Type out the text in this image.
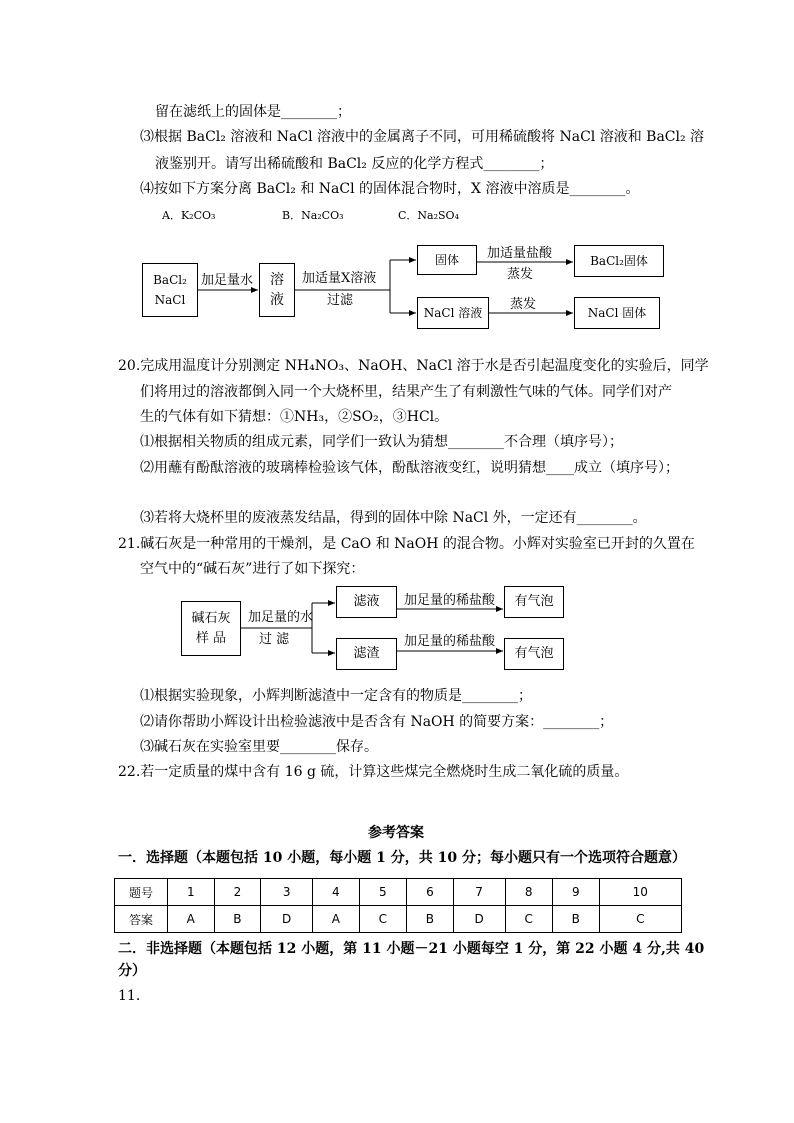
留在滤纸上的固体是________；
⑶根据 BaCl₂ 溶液和 NaCl 溶液中的金属离子不同，可用稀硫酸将 NaCl 溶液和 BaCl₂ 溶
液鉴别开。请写出稀硫酸和 BaCl₂ 反应的化学方程式________；
⑷按如下方案分离 BaCl₂ 和 NaCl 的固体混合物时，X 溶液中溶质是________。
A．K₂CO₃	B．Na₂CO₃	C．Na₂SO₄
BaCl₂
NaCl
加足量水 溶
液
加适量X溶液
过滤
固体	加适量盐酸
蒸发
BaCl₂固体
NaCl 溶液
蒸发
NaCl 固体
20.完成用温度计分别测定 NH₄NO₃、NaOH、NaCl 溶于水是否引起温度变化的实验后，同学
们将用过的溶液都倒入同一个大烧杯里，结果产生了有刺激性气味的气体。同学们对产
生的气体有如下猜想：①NH₃，②SO₂，③HCl。
⑴根据相关物质的组成元素，同学们一致认为猜想________不合理（填序号）；
⑵用蘸有酚酞溶液的玻璃棒检验该气体，酚酞溶液变红，说明猜想____成立（填序号）；
⑶若将大烧杯里的废液蒸发结晶，得到的固体中除 NaCl 外，一定还有________。
21.碱石灰是一种常用的干燥剂，是 CaO 和 NaOH 的混合物。小辉对实验室已开封的久置在
空气中的“碱石灰”进行了如下探究：
碱石灰
样 品
加足量的水
过 滤
滤液	加足量的稀盐酸	有气泡
滤渣
加足量的稀盐酸
有气泡
⑴根据实验现象，小辉判断滤渣中一定含有的物质是________；
⑵请你帮助小辉设计出检验滤液中是否含有 NaOH 的简要方案：________；
⑶碱石灰在实验室里要________保存。
22.若一定质量的煤中含有 16 g 硫，计算这些煤完全燃烧时生成二氧化硫的质量。
参考答案
一．选择题（本题包括 10 小题，每小题 1 分，共 10 分；每小题只有一个选项符合题意）
题号	1	2	3	4	5	6	7	8	9	10
答案	A	B	D	A	C	B	D	C	B	C
二．非选择题（本题包括 12 小题，第 11 小题－21 小题每空 1 分，第 22 小题 4 分,共 40
分）
11.
